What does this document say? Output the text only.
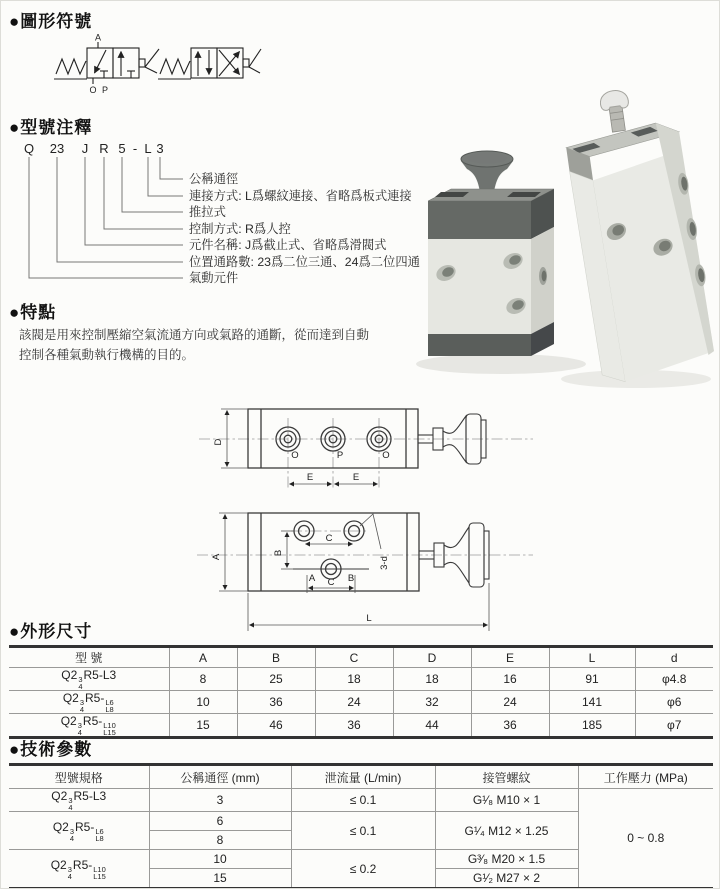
●圖形符號
●型號注釋
●特點
●外形尺寸
●技術參數
A
O P
Q 23 J R 5 - L 3
公稱通徑
連接方式: L爲螺紋連接、省略爲板式連接
推拉式
控制方式: R爲人控
元件名稱: J爲截止式、省略爲滑閥式
位置通路數: 23爲二位三通、24爲二位四通
氣動元件

該閥是用來控制壓縮空氣流通方向或氣路的通斷，從而達到自動控制各種氣動執行機構的目的。

D
E	E
O	P	O
A
B
C
C
A	B
3-d
L
型 號	A	B	C	D	E	L	d
Q2 3
4
R5-L3	8	25	18	18	16	91	φ4.8
Q2 3
4
R5- L6
L8
	10	36	24	32	24	141	φ6
Q2 3
4
R5- L10
L15
	15	46	36	44	36	185	φ7
型號規格	公稱通徑 (mm)	泄流量 (L/min)	接管螺紋	工作壓力 (MPa)
Q2 3
4
R5-L3	3	≤ 0.1	G¹⁄₈ M10 × 1	0 ~ 0.8
Q2 3
4
R5- L6
L8
	6	≤ 0.1	G¹⁄₄ M12 × 1.25
	8			
Q2 3
4
R5- L10
L15
	10	≤ 0.2	G³⁄₈ M20 × 1.5
	15		G¹⁄₂ M27 × 2	
